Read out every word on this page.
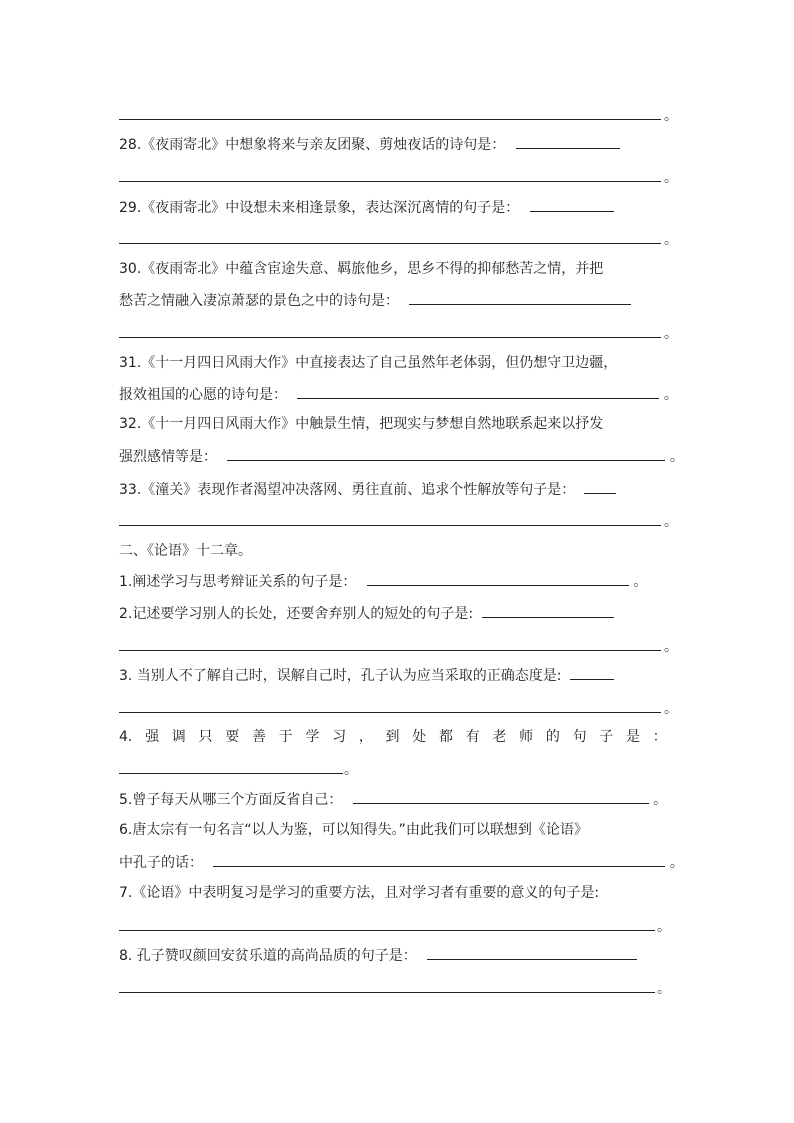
。
28.《夜雨寄北》中想象将来与亲友团聚、剪烛夜话的诗句是：
。
29.《夜雨寄北》中设想未来相逢景象，表达深沉离情的句子是：
。
30.《夜雨寄北》中蕴含宦途失意、羁旅他乡，思乡不得的抑郁愁苦之情，并把
愁苦之情融入凄凉萧瑟的景色之中的诗句是：
。
31.《十一月四日风雨大作》中直接表达了自己虽然年老体弱，但仍想守卫边疆，
报效祖国的心愿的诗句是：	。
32.《十一月四日风雨大作》中触景生情，把现实与梦想自然地联系起来以抒发
强烈感情等是：	。
33.《潼关》表现作者渴望冲决落网、勇往直前、追求个性解放等句子是：
。
二、《论语》十二章。
1.阐述学习与思考辩证关系的句子是：	。
2.记述要学习别人的长处，还要舍弃别人的短处的句子是:
。
3. 当别人不了解自己时，误解自己时，孔子认为应当采取的正确态度是:
。
4. 强 调 只 要 善 于 学 习 ， 到 处 都 有 老 师 的 句 子 是 ：
。
5.曾子每天从哪三个方面反省自己：	。
6.唐太宗有一句名言“以人为鉴，可以知得失。”由此我们可以联想到《论语》
中孔子的话：	。
7.《论语》中表明复习是学习的重要方法，且对学习者有重要的意义的句子是:
。
8. 孔子赞叹颜回安贫乐道的高尚品质的句子是：
。
